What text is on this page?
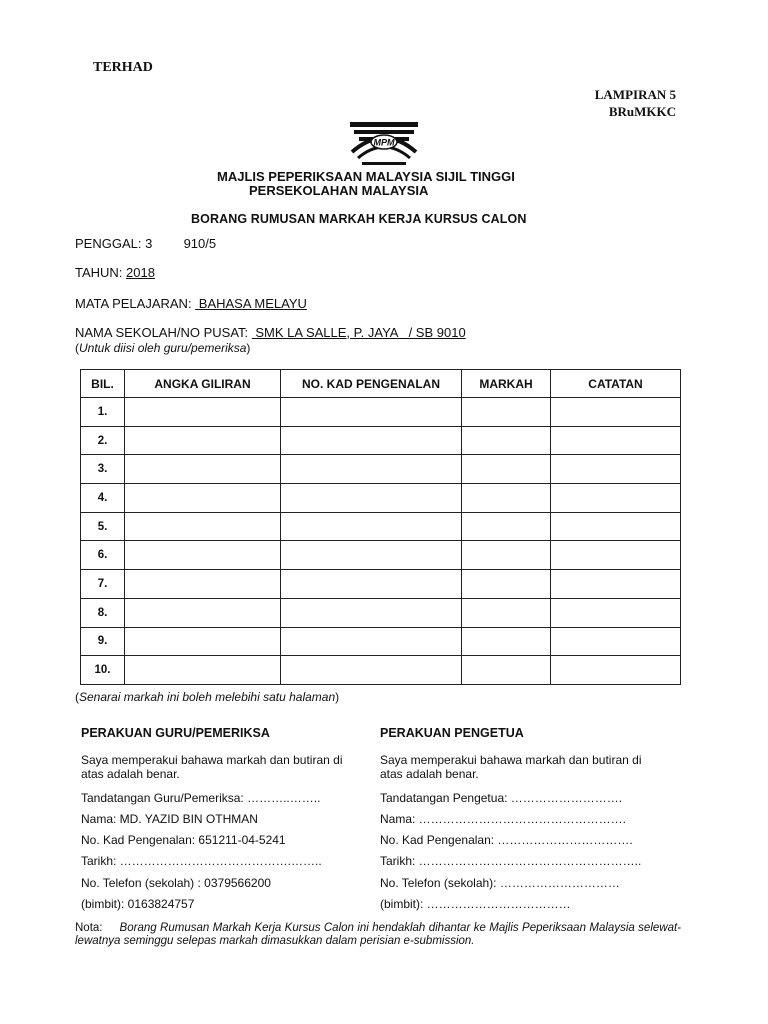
TERHAD
LAMPIRAN 5
BRuMKKC
MPM
MAJLIS PEPERIKSAAN MALAYSIA SIJIL TINGGI
PERSEKOLAHAN MALAYSIA
BORANG RUMUSAN MARKAH KERJA KURSUS CALON
PENGGAL: 3 910/5
TAHUN: 2018
MATA PELAJARAN:  BAHASA MELAYU
NAMA SEKOLAH/NO PUSAT:  SMK LA SALLE, P. JAYA   / SB 9010
(Untuk diisi oleh guru/pemeriksa)
BIL.	ANGKA GILIRAN	NO. KAD PENGENALAN	MARKAH	CATATAN
1.				
2.				
3.				
4.				
5.				
6.				
7.				
8.				
9.				
10.				
(Senarai markah ini boleh melebihi satu halaman)
PERAKUAN GURU/PEMERIKSA
Saya memperakui bahawa markah dan butiran di
atas adalah benar.
Tandatangan Guru/Pemeriksa: ………..……..
Nama: MD. YAZID BIN OTHMAN
No. Kad Pengenalan: 651211-04-5241
Tarikh: …………………………………….……..
No. Telefon (sekolah) : 0379566200
(bimbit): 0163824757
PERAKUAN PENGETUA
Saya memperakui bahawa markah dan butiran di
atas adalah benar.
Tandatangan Pengetua: ……………………….
Nama: …………………………………………….
No. Kad Pengenalan: …………………………….
Tarikh: ………………………………………………..
No. Telefon (sekolah): …………………………
(bimbit): ………………………………
Nota: Borang Rumusan Markah Kerja Kursus Calon ini hendaklah dihantar ke Majlis Peperiksaan Malaysia selewat-lewatnya seminggu selepas markah dimasukkan dalam perisian e-submission.
